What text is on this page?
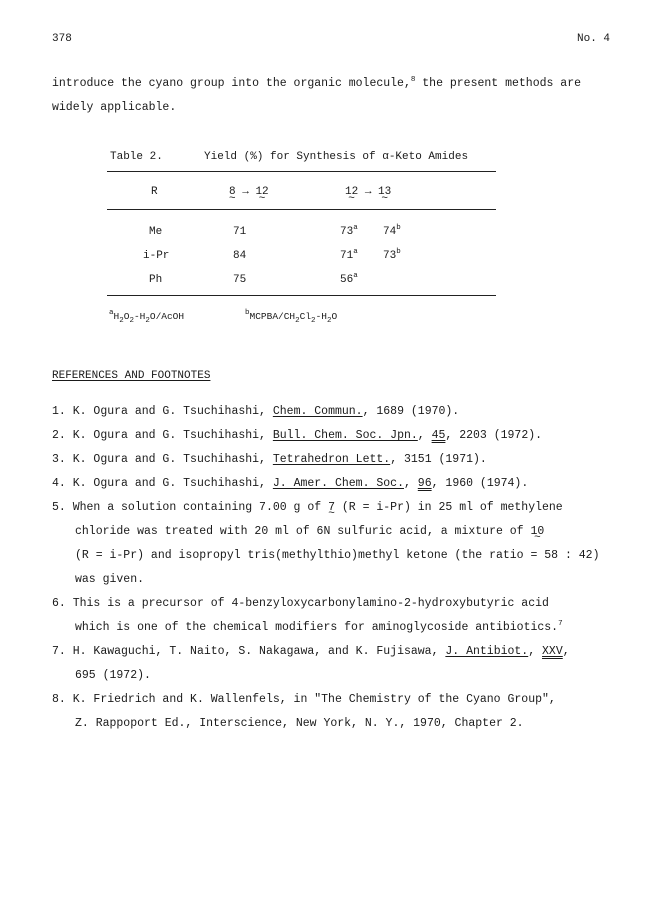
378	No. 4
introduce the cyano group into the organic molecule,$^8$ the present methods are
widely applicable.
Table 2.	Yield (%) for Synthesis of α-Keto Amides
R	8 ~ → 12 ~	12 ~ → 13 ~
Me	71	73$^a$ 74$^b$
i-Pr	84	71$^a$ 73$^b$
Ph	75	56$^a$
$^aH_2O_2-H_2O$/AcOH	$^bMCPBA/CH_2Cl_2-H_2O$
REFERENCES AND FOOTNOTES
1. K. Ogura and G. Tsuchihashi, Chem. Commun., 1689 (1970).
2. K. Ogura and G. Tsuchihashi, Bull. Chem. Soc. Jpn., 45, 2203 (1972).
3. K. Ogura and G. Tsuchihashi, Tetrahedron Lett., 3151 (1971).
4. K. Ogura and G. Tsuchihashi, J. Amer. Chem. Soc., 96, 1960 (1974).
5. When a solution containing 7.00 g of 7 ~ (R = i-Pr) in 25 ml of methylene
chloride was treated with 20 ml of 6N sulfuric acid, a mixture of 10 ~
(R = i-Pr) and isopropyl tris(methylthio)methyl ketone (the ratio = 58 : 42)
was given.
6. This is a precursor of 4-benzyloxycarbonylamino-2-hydroxybutyric acid
which is one of the chemical modifiers for aminoglycoside antibiotics.$^7$
7. H. Kawaguchi, T. Naito, S. Nakagawa, and K. Fujisawa, J. Antibiot., XXV,
695 (1972).
8. K. Friedrich and K. Wallenfels, in "The Chemistry of the Cyano Group",
Z. Rappoport Ed., Interscience, New York, N. Y., 1970, Chapter 2.
